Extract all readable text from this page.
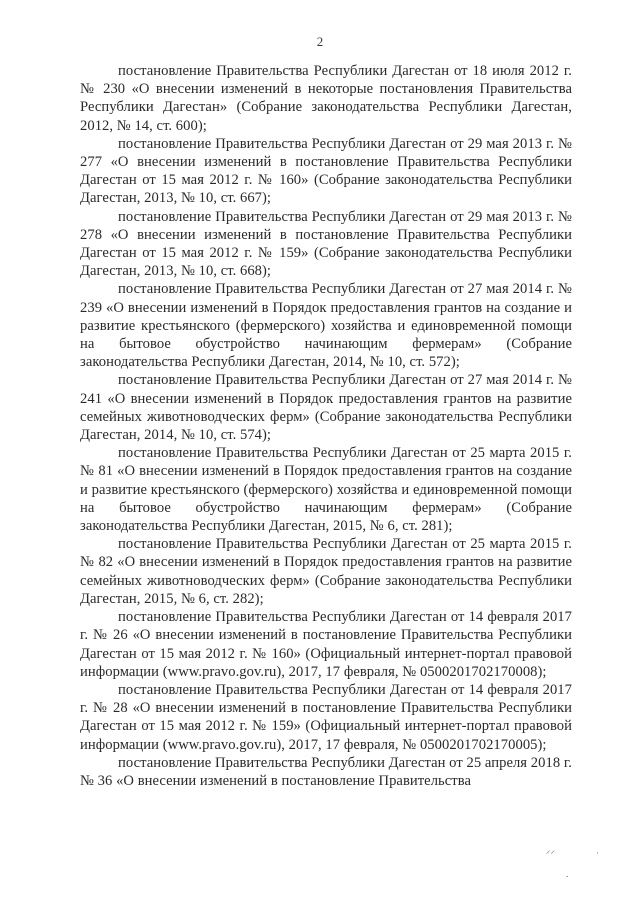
2

постановление Правительства Республики Дагестан от 18 июля 2012 г. № 230 «О внесении изменений в некоторые постановления Правительства Республики Дагестан» (Собрание законодательства Республики Дагестан, 2012, № 14, ст. 600);

постановление Правительства Республики Дагестан от 29 мая 2013 г. № 277 «О внесении изменений в постановление Правительства Республики Дагестан от 15 мая 2012 г. № 160» (Собрание законодательства Республики Дагестан, 2013, № 10, ст. 667);

постановление Правительства Республики Дагестан от 29 мая 2013 г. № 278 «О внесении изменений в постановление Правительства Республики Дагестан от 15 мая 2012 г. № 159» (Собрание законодательства Республики Дагестан, 2013, № 10, ст. 668);

постановление Правительства Республики Дагестан от 27 мая 2014 г. № 239 «О внесении изменений в Порядок предоставления грантов на создание и развитие крестьянского (фермерского) хозяйства и единовременной помощи на бытовое обустройство начинающим фермерам» (Собрание законодательства Республики Дагестан, 2014, № 10, ст. 572);

постановление Правительства Республики Дагестан от 27 мая 2014 г. № 241 «О внесении изменений в Порядок предоставления грантов на развитие семейных животноводческих ферм» (Собрание законодательства Республики Дагестан, 2014, № 10, ст. 574);

постановление Правительства Республики Дагестан от 25 марта 2015 г. № 81 «О внесении изменений в Порядок предоставления грантов на создание и развитие крестьянского (фермерского) хозяйства и единовременной помощи на бытовое обустройство начинающим фермерам» (Собрание законодательства Республики Дагестан, 2015, № 6, ст. 281);

постановление Правительства Республики Дагестан от 25 марта 2015 г. № 82 «О внесении изменений в Порядок предоставления грантов на развитие семейных животноводческих ферм» (Собрание законодательства Республики Дагестан, 2015, № 6, ст. 282);

постановление Правительства Республики Дагестан от 14 февраля 2017 г. № 26 «О внесении изменений в постановление Правительства Республики Дагестан от 15 мая 2012 г. № 160» (Официальный интернет-портал правовой информации (www.pravo.gov.ru), 2017, 17 февраля, № 0500201702170008);

постановление Правительства Республики Дагестан от 14 февраля 2017 г. № 28 «О внесении изменений в постановление Правительства Республики Дагестан от 15 мая 2012 г. № 159» (Официальный интернет-портал правовой информации (www.pravo.gov.ru), 2017, 17 февраля, № 0500201702170005);

постановление Правительства Республики Дагестан от 25 апреля 2018 г. № 36 «О внесении изменений в постановление Правительства

⸝⸝
˙
.
